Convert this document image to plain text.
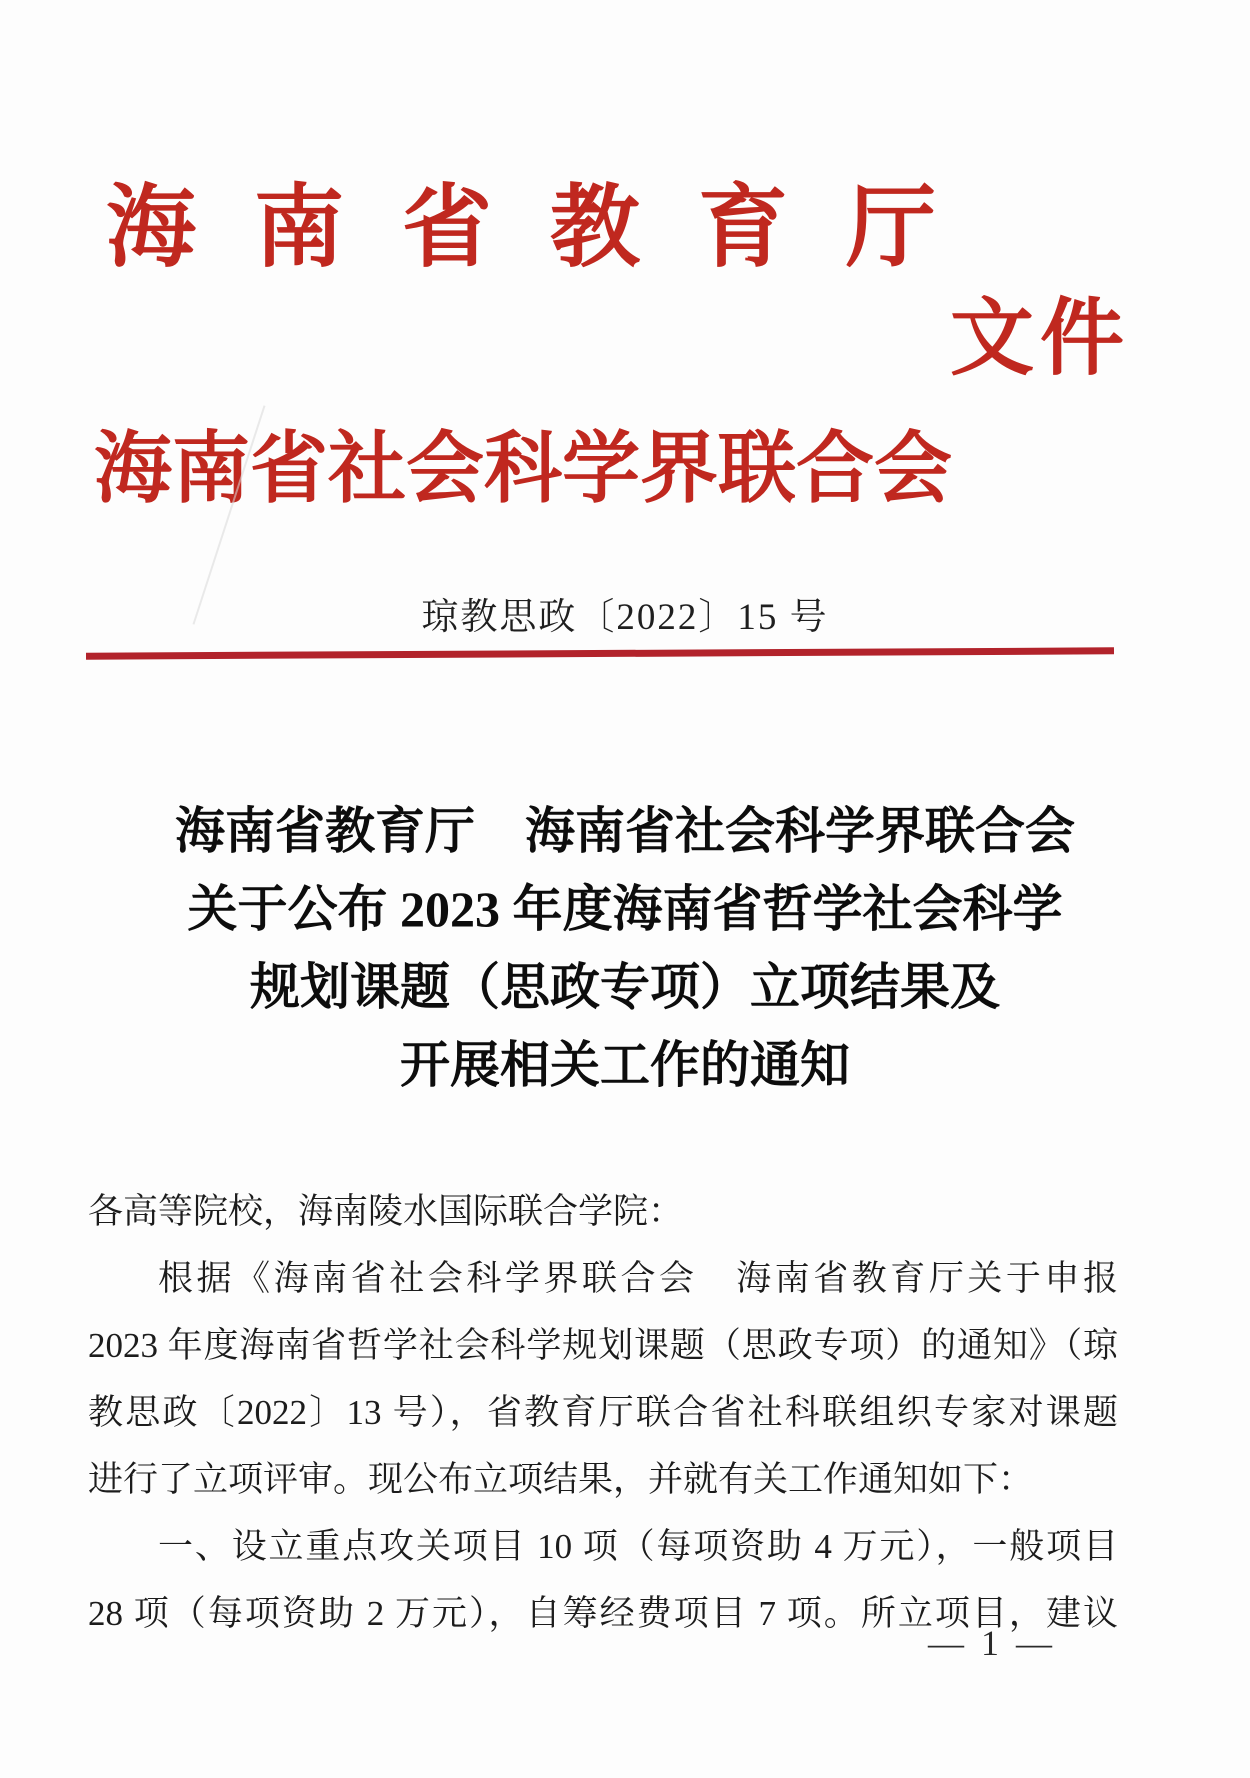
海南省教育厅
文件
海南省社会科学界联合会
琼教思政〔2022〕15 号
海南省教育厅　海南省社会科学界联合会
关于公布 2023 年度海南省哲学社会科学
规划课题（思政专项）立项结果及
开展相关工作的通知
各高等院校，海南陵水国际联合学院：
根据《海南省社会科学界联合会　海南省教育厅关于申报
2023 年度海南省哲学社会科学规划课题（思政专项）的通知》（琼
教思政〔2022〕13 号），省教育厅联合省社科联组织专家对课题
进行了立项评审。现公布立项结果，并就有关工作通知如下：
一、设立重点攻关项目 10 项（每项资助 4 万元），一般项目
28 项（每项资助 2 万元），自筹经费项目 7 项。所立项目，建议
— 1 —
